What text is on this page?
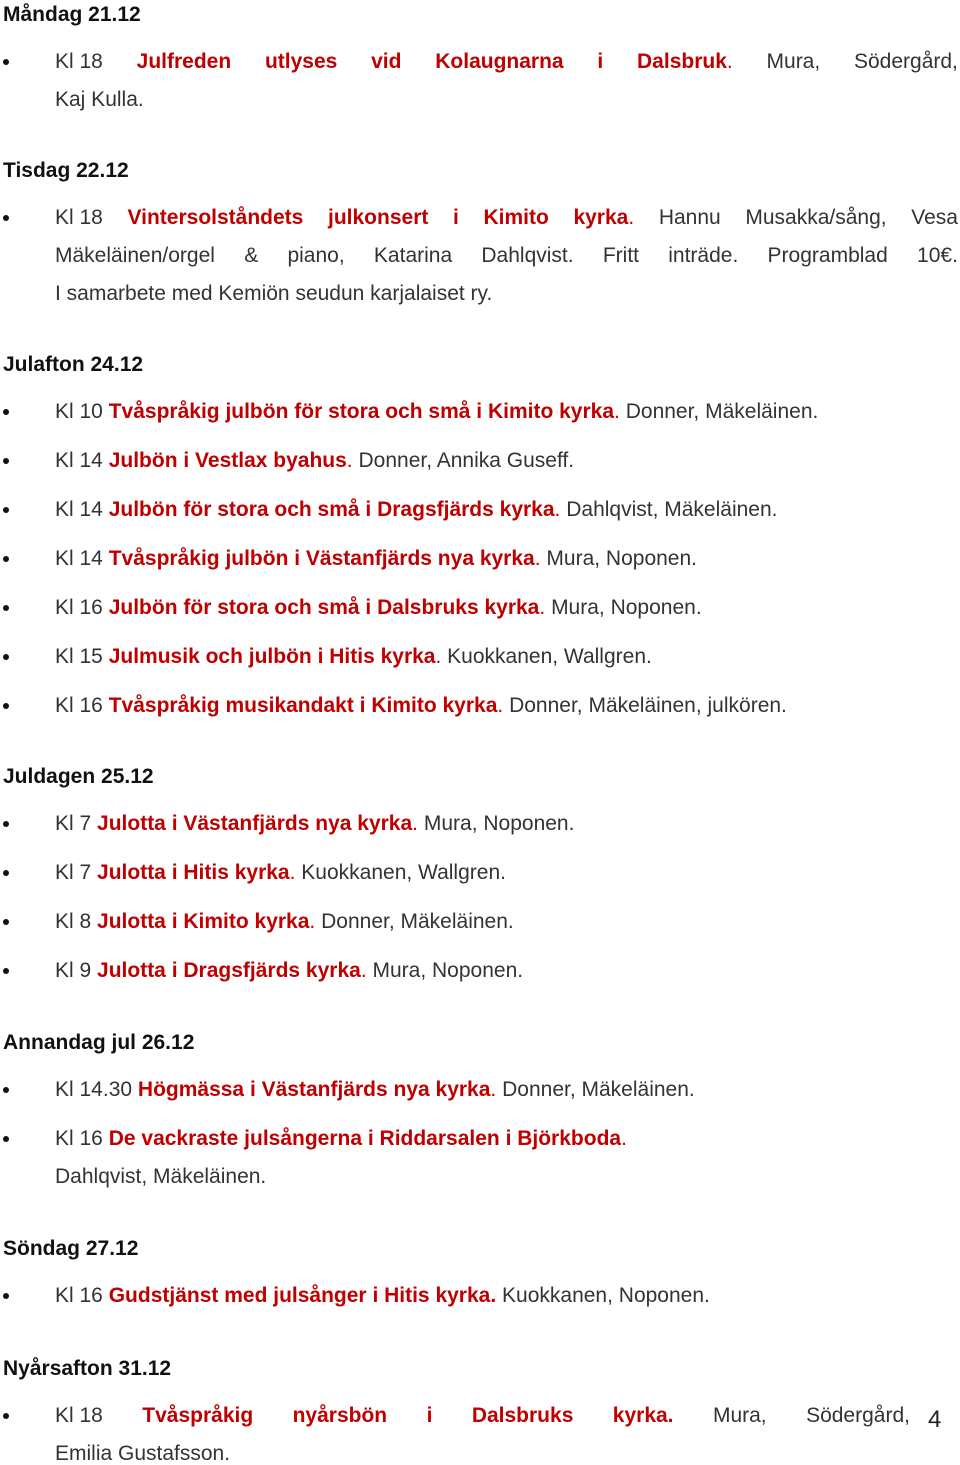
Måndag 21.12
Kl 18 Julfreden utlyses vid Kolaugnarna i Dalsbruk. Mura, Södergård,
Kaj Kulla.
Tisdag 22.12
Kl 18 Vintersolståndets julkonsert i Kimito kyrka. Hannu Musakka/sång, Vesa
Mäkeläinen/orgel & piano, Katarina Dahlqvist. Fritt inträde. Programblad 10€.
I samarbete med Kemiön seudun karjalaiset ry.
Julafton 24.12
Kl 10 Tvåspråkig julbön för stora och små i Kimito kyrka. Donner, Mäkeläinen.
Kl 14 Julbön i Vestlax byahus. Donner, Annika Guseff.
Kl 14 Julbön för stora och små i Dragsfjärds kyrka. Dahlqvist, Mäkeläinen.
Kl 14 Tvåspråkig julbön i Västanfjärds nya kyrka. Mura, Noponen.
Kl 16 Julbön för stora och små i Dalsbruks kyrka. Mura, Noponen.
Kl 15 Julmusik och julbön i Hitis kyrka. Kuokkanen, Wallgren.
Kl 16 Tvåspråkig musikandakt i Kimito kyrka. Donner, Mäkeläinen, julkören.
Juldagen 25.12
Kl 7 Julotta i Västanfjärds nya kyrka. Mura, Noponen.
Kl 7 Julotta i Hitis kyrka. Kuokkanen, Wallgren.
Kl 8 Julotta i Kimito kyrka. Donner, Mäkeläinen.
Kl 9 Julotta i Dragsfjärds kyrka. Mura, Noponen.
Annandag jul 26.12
Kl 14.30 Högmässa i Västanfjärds nya kyrka. Donner, Mäkeläinen.
Kl 16 De vackraste julsångerna i Riddarsalen i Björkboda.
Dahlqvist, Mäkeläinen.
Söndag 27.12
Kl 16 Gudstjänst med julsånger i Hitis kyrka. Kuokkanen, Noponen.
Nyårsafton 31.12
Kl 18 Tvåspråkig nyårsbön i Dalsbruks kyrka. Mura, Södergård,
Emilia Gustafsson.
4
